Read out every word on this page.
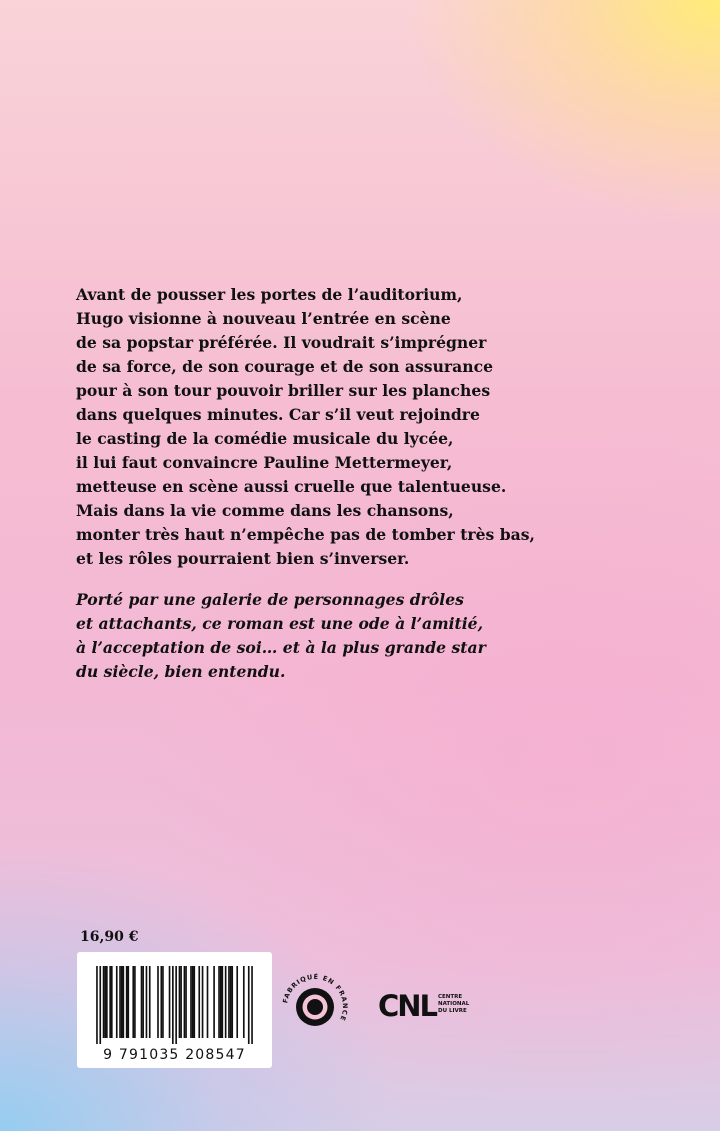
Avant de pousser les portes de l’auditorium,
Hugo visionne à nouveau l’entrée en scène
de sa popstar préférée. Il voudrait s’imprégner
de sa force, de son courage et de son assurance
pour à son tour pouvoir briller sur les planches
dans quelques minutes. Car s’il veut rejoindre
le casting de la comédie musicale du lycée,
il lui faut convaincre Pauline Mettermeyer,
metteuse en scène aussi cruelle que talentueuse.
Mais dans la vie comme dans les chansons,
monter très haut n’empêche pas de tomber très bas,
et les rôles pourraient bien s’inverser.
Porté par une galerie de personnages drôles
et attachants, ce roman est une ode à l’amitié,
à l’acceptation de soi… et à la plus grande star
du siècle, bien entendu.
16,90 €
9 791035 208547
FABRIQUÉ EN FRANCE CNL CENTRE
NATIONAL
DU LIVRE
